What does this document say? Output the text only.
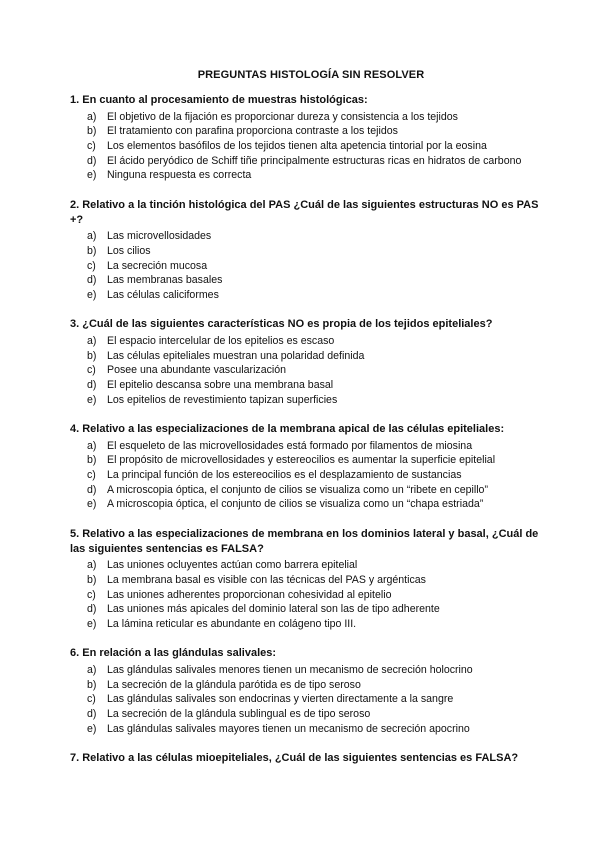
PREGUNTAS HISTOLOGÍA SIN RESOLVER
1. En cuanto al procesamiento de muestras histológicas:
a) El objetivo de la fijación es proporcionar dureza y consistencia a los tejidos
b) El tratamiento con parafina proporciona contraste a los tejidos
c) Los elementos basófilos de los tejidos tienen alta apetencia tintorial por la eosina
d) El ácido peryódico de Schiff tiñe principalmente estructuras ricas en hidratos de carbono
e) Ninguna respuesta es correcta
2. Relativo a la tinción histológica del PAS ¿Cuál de las siguientes estructuras NO es PAS +?
a) Las microvellosidades
b) Los cilios
c) La secreción mucosa
d) Las membranas basales
e) Las células caliciformes
3. ¿Cuál de las siguientes características NO es propia de los tejidos epiteliales?
a) El espacio intercelular de los epitelios es escaso
b) Las células epiteliales muestran una polaridad definida
c) Posee una abundante vascularización
d) El epitelio descansa sobre una membrana basal
e) Los epitelios de revestimiento tapizan superficies
4. Relativo a las especializaciones de la membrana apical de las células epiteliales:
a) El esqueleto de las microvellosidades está formado por filamentos de miosina
b) El propósito de microvellosidades y estereocilios es aumentar la superficie epitelial
c) La principal función de los estereocilios es el desplazamiento de sustancias
d) A microscopia óptica, el conjunto de cilios se visualiza como un “ribete en cepillo”
e) A microscopia óptica, el conjunto de cilios se visualiza como un “chapa estriada”
5. Relativo a las especializaciones de membrana en los dominios lateral y basal, ¿Cuál de las siguientes sentencias es FALSA?
a) Las uniones ocluyentes actúan como barrera epitelial
b) La membrana basal es visible con las técnicas del PAS y argénticas
c) Las uniones adherentes proporcionan cohesividad al epitelio
d) Las uniones más apicales del dominio lateral son las de tipo adherente
e) La lámina reticular es abundante en colágeno tipo III.
6. En relación a las glándulas salivales:
a) Las glándulas salivales menores tienen un mecanismo de secreción holocrino
b) La secreción de la glándula parótida es de tipo seroso
c) Las glándulas salivales son endocrinas y vierten directamente a la sangre
d) La secreción de la glándula sublingual es de tipo seroso
e) Las glándulas salivales mayores tienen un mecanismo de secreción apocrino
7. Relativo a las células mioepiteliales, ¿Cuál de las siguientes sentencias es FALSA?
